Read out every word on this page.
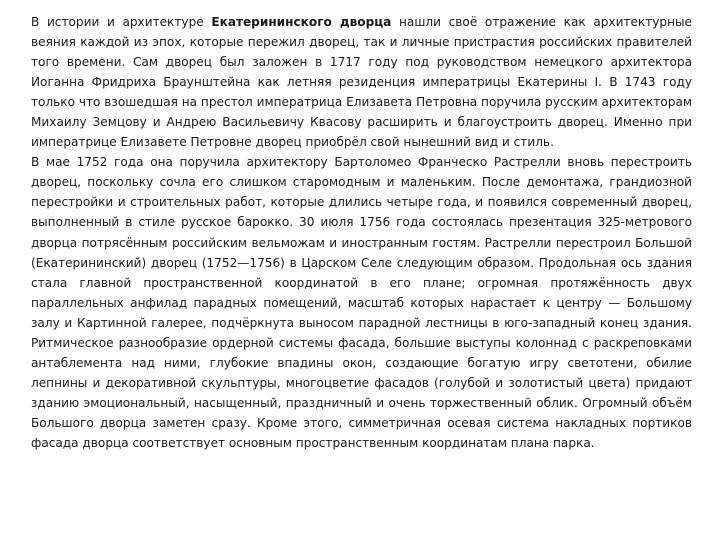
В истории и архитектуре Екатерининского дворца нашли своё отражение как архитектурные веяния каждой из эпох, которые пережил дворец, так и личные пристрастия российских правителей того времени. Сам дворец был заложен в 1717 году под руководством немецкого архитектора Иоганна Фридриха Браунштейна как летняя резиденция императрицы Екатерины I. В 1743 году только что взошедшая на престол императрица Елизавета Петровна поручила русским архитекторам Михаилу Земцову и Андрею Васильевичу Квасову расширить и благоустроить дворец. Именно при императрице Елизавете Петровне дворец приобрёл свой нынешний вид и стиль.

В мае 1752 года она поручила архитектору Бартоломео Франческо Растрелли вновь перестроить дворец, поскольку сочла его слишком старомодным и маленьким. После демонтажа, грандиозной перестройки и строительных работ, которые длились четыре года, и появился современный дворец, выполненный в стиле русское барокко. 30 июля 1756 года состоялась презентация 325-метрового дворца потрясённым российским вельможам и иностранным гостям. Растрелли перестроил Большой (Екатерининский) дворец (1752—1756) в Царском Селе следующим образом. Продольная ось здания стала главной пространственной координатой в его плане; огромная протяжённость двух параллельных анфилад парадных помещений, масштаб которых нарастает к центру — Большому залу и Картинной галерее, подчёркнута выносом парадной лестницы в юго-западный конец здания. Ритмическое разнообразие ордерной системы фасада, большие выступы колоннад с раскреповками антаблемента над ними, глубокие впадины окон, создающие богатую игру светотени, обилие лепнины и декоративной скульптуры, многоцветие фасадов (голубой и золотистый цвета) придают зданию эмоциональный, насыщенный, праздничный и очень торжественный облик. Огромный объём Большого дворца заметен сразу. Кроме этого, симметричная осевая система накладных портиков фасада дворца соответствует основным пространственным координатам плана парка.
